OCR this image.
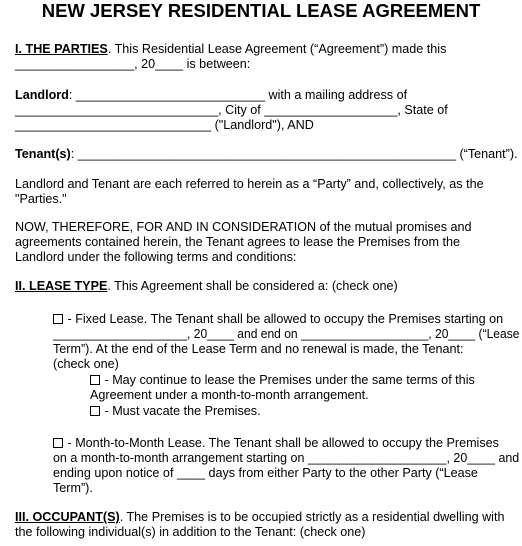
NEW JERSEY RESIDENTIAL LEASE AGREEMENT
I. THE PARTIES. This Residential Lease Agreement (“Agreement”) made this
_________________, 20____ is between:
Landlord: ___________________________ with a mailing address of
_____________________________, City of ___________________, State of
____________________________ ("Landlord"), AND
Tenant(s): ______________________________________________________ (“Tenant”).
Landlord and Tenant are each referred to herein as a “Party” and, collectively, as the
"Parties."
NOW, THEREFORE, FOR AND IN CONSIDERATION of the mutual promises and
agreements contained herein, the Tenant agrees to lease the Premises from the
Landlord under the following terms and conditions:
II. LEASE TYPE. This Agreement shall be considered a: (check one)
- Fixed Lease. The Tenant shall be allowed to occupy the Premises starting on
____________________, 20____ and end on ___________________, 20____ (“Lease
Term”). At the end of the Lease Term and no renewal is made, the Tenant:
(check one)
- May continue to lease the Premises under the same terms of this
Agreement under a month-to-month arrangement.
- Must vacate the Premises.
- Month-to-Month Lease. The Tenant shall be allowed to occupy the Premises
on a month-to-month arrangement starting on ____________________, 20____ and
ending upon notice of ____ days from either Party to the other Party (“Lease
Term”).
III. OCCUPANT(S). The Premises is to be occupied strictly as a residential dwelling with
the following individual(s) in addition to the Tenant: (check one)
